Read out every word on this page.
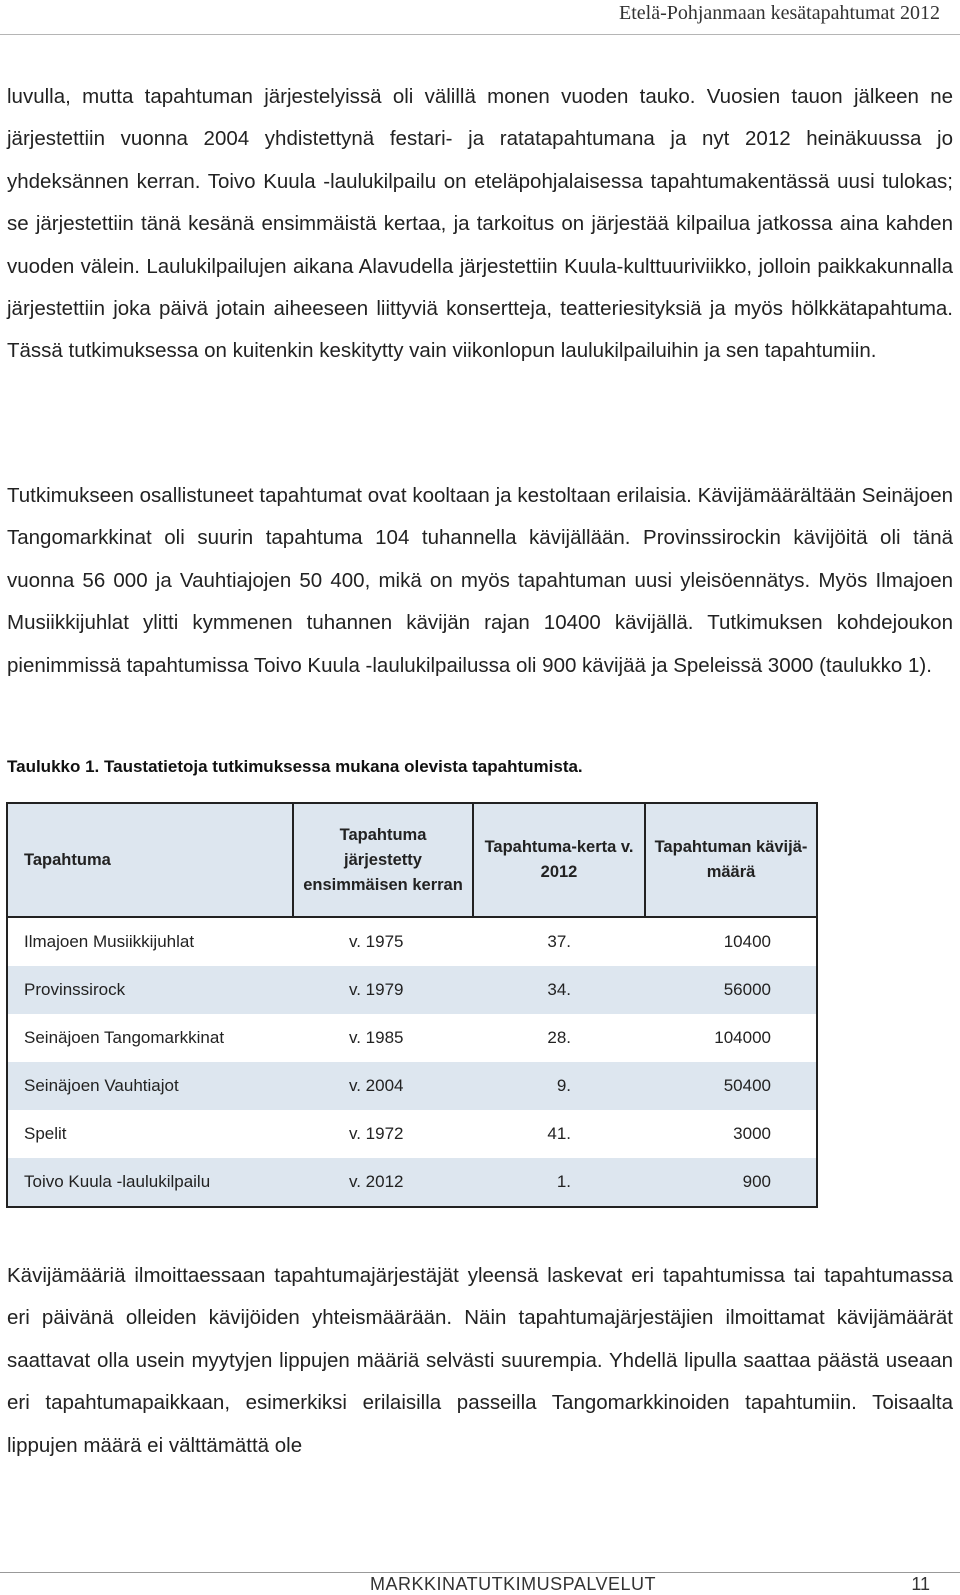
Etelä-Pohjanmaan kesätapahtumat 2012

luvulla, mutta tapahtuman järjestelyissä oli välillä monen vuoden tauko. Vuosien tauon jälkeen ne järjestettiin vuonna 2004 yhdistettynä festari- ja ratatapahtumana ja nyt 2012 heinäkuussa jo yhdeksännen kerran. Toivo Kuula -laulukilpailu on eteläpohjalaisessa tapahtumakentässä uusi tulokas; se järjestettiin tänä kesänä ensimmäistä kertaa, ja tarkoitus on järjestää kilpailua jatkossa aina kahden vuoden välein. Laulukilpailujen aikana Alavudella järjestettiin Kuula-kulttuuriviikko, jolloin paikkakunnalla järjestettiin joka päivä jotain aiheeseen liittyviä konsertteja, teatteriesityksiä ja myös hölkkätapahtuma. Tässä tutkimuksessa on kuitenkin keskitytty vain viikonlopun laulukilpailuihin ja sen tapahtumiin.

Tutkimukseen osallistuneet tapahtumat ovat kooltaan ja kestoltaan erilaisia. Kävijämäärältään Seinäjoen Tangomarkkinat oli suurin tapahtuma 104 tuhannella kävijällään. Provinssirockin kävijöitä oli tänä vuonna 56 000 ja Vauhtiajojen 50 400, mikä on myös tapahtuman uusi yleisöennätys. Myös Ilmajoen Musiikkijuhlat ylitti kymmenen tuhannen kävijän rajan 10400 kävijällä. Tutkimuksen kohdejoukon pienimmissä tapahtumissa Toivo Kuula -laulukilpailussa oli 900 kävijää ja Speleissä 3000 (taulukko 1).

Taulukko 1. Taustatietoja tutkimuksessa mukana olevista tapahtumista.

Tapahtuma	Tapahtuma järjestetty ensimmäisen kerran	Tapahtuma-kerta v. 2012	Tapahtuman kävijä-määrä
Ilmajoen Musiikkijuhlat	v. 1975	37.	10400
Provinssirock	v. 1979	34.	56000
Seinäjoen Tangomarkkinat	v. 1985	28.	104000
Seinäjoen Vauhtiajot	v. 2004	9.	50400
Spelit	v. 1972	41.	3000
Toivo Kuula -laulukilpailu	v. 2012	1.	900

Kävijämääriä ilmoittaessaan tapahtumajärjestäjät yleensä laskevat eri tapahtumissa tai tapahtumassa eri päivänä olleiden kävijöiden yhteismäärään. Näin tapahtumajärjestäjien ilmoittamat kävijämäärät saattavat olla usein myytyjen lippujen määriä selvästi suurempia. Yhdellä lipulla saattaa päästä useaan eri tapahtumapaikkaan, esimerkiksi erilaisilla passeilla Tangomarkkinoiden tapahtumiin. Toisaalta lippujen määrä ei välttämättä ole

MARKKINATUTKIMUSPALVELUT	11
